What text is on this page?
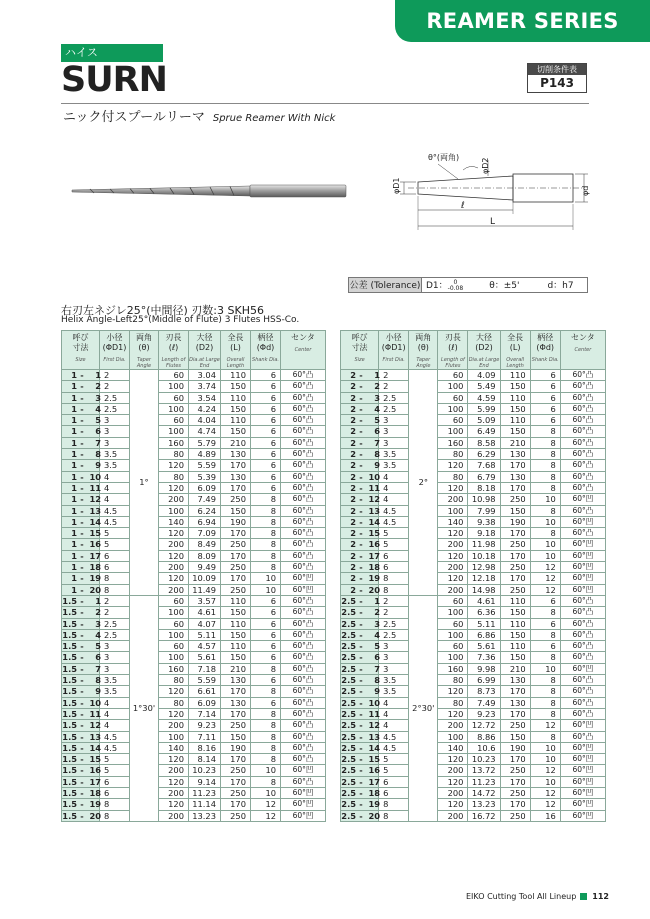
REAMER SERIES
ハイス
SURN	切削条件表
P143
ニック付スプールリーマ Sprue Reamer With Nick
θ°(両角)	φD2
φD1	φd
ℓ
L
公差 (Tolerance) D1： 0
-0.08	θ：±5'	d：h7
右刃左ネジレ25°(中間径) 刃数:3 SKH56
Helix Angle-Left25°(Middle of Flute) 3 Flutes HSS-Co.
呼び
寸法
Size	小径
(ΦD1)
First Dia.	両角
(θ)
Taper Angle	刃長
(ℓ)
Length of Flutes	大径
(D2)
Dia.at Large End	全長
(L)
Overall Length	柄径
(Φd)
Shank Dia.	センタ
Center

1 - 1	2	1°	60	3.04	110	6	60°凸
1 - 2	2		100	3.74	150	6	60°凸
1 - 3	2.5		60	3.54	110	6	60°凸
1 - 4	2.5		100	4.24	150	6	60°凸
1 - 5	3		60	4.04	110	6	60°凸
1 - 6	3		100	4.74	150	6	60°凸
1 - 7	3		160	5.79	210	6	60°凸
1 - 8	3.5		80	4.89	130	6	60°凸
1 - 9	3.5		120	5.59	170	6	60°凸
1 - 10	4		80	5.39	130	6	60°凸
1 - 11	4		120	6.09	170	6	60°凸
1 - 12	4		200	7.49	250	8	60°凸
1 - 13	4.5		100	6.24	150	8	60°凸
1 - 14	4.5		140	6.94	190	8	60°凸
1 - 15	5		120	7.09	170	8	60°凸
1 - 16	5		200	8.49	250	8	60°凸
1 - 17	6		120	8.09	170	8	60°凸
1 - 18	6		200	9.49	250	8	60°凸
1 - 19	8		120	10.09	170	10	60°凹
1 - 20	8		200	11.49	250	10	60°凹
1.5 - 1	2	1°30'	60	3.57	110	6	60°凸
1.5 - 2	2		100	4.61	150	6	60°凸
1.5 - 3	2.5		60	4.07	110	6	60°凸
1.5 - 4	2.5		100	5.11	150	6	60°凸
1.5 - 5	3		60	4.57	110	6	60°凸
1.5 - 6	3		100	5.61	150	6	60°凸
1.5 - 7	3		160	7.18	210	8	60°凸
1.5 - 8	3.5		80	5.59	130	6	60°凸
1.5 - 9	3.5		120	6.61	170	8	60°凸
1.5 - 10	4		80	6.09	130	6	60°凸
1.5 - 11	4		120	7.14	170	8	60°凸
1.5 - 12	4		200	9.23	250	8	60°凸
1.5 - 13	4.5		100	7.11	150	8	60°凸
1.5 - 14	4.5		140	8.16	190	8	60°凸
1.5 - 15	5		120	8.14	170	8	60°凸
1.5 - 16	5		200	10.23	250	10	60°凹
1.5 - 17	6		120	9.14	170	8	60°凸
1.5 - 18	6		200	11.23	250	10	60°凹
1.5 - 19	8		120	11.14	170	12	60°凹
1.5 - 20	8		200	13.23	250	12	60°凹
呼び
寸法
Size	小径
(ΦD1)
First Dia.	両角
(θ)
Taper Angle	刃長
(ℓ)
Length of Flutes	大径
(D2)
Dia.at Large End	全長
(L)
Overall Length	柄径
(Φd)
Shank Dia.	センタ
Center

2 - 1	2	2°	60	4.09	110	6	60°凸
2 - 2	2		100	5.49	150	6	60°凸
2 - 3	2.5		60	4.59	110	6	60°凸
2 - 4	2.5		100	5.99	150	6	60°凸
2 - 5	3		60	5.09	110	6	60°凸
2 - 6	3		100	6.49	150	8	60°凸
2 - 7	3		160	8.58	210	8	60°凸
2 - 8	3.5		80	6.29	130	8	60°凸
2 - 9	3.5		120	7.68	170	8	60°凸
2 - 10	4		80	6.79	130	8	60°凸
2 - 11	4		120	8.18	170	8	60°凸
2 - 12	4		200	10.98	250	10	60°凹
2 - 13	4.5		100	7.99	150	8	60°凸
2 - 14	4.5		140	9.38	190	10	60°凹
2 - 15	5		120	9.18	170	8	60°凸
2 - 16	5		200	11.98	250	10	60°凹
2 - 17	6		120	10.18	170	10	60°凹
2 - 18	6		200	12.98	250	12	60°凹
2 - 19	8		120	12.18	170	12	60°凹
2 - 20	8		200	14.98	250	12	60°凹
2.5 - 1	2	2°30'	60	4.61	110	6	60°凸
2.5 - 2	2		100	6.36	150	8	60°凸
2.5 - 3	2.5		60	5.11	110	6	60°凸
2.5 - 4	2.5		100	6.86	150	8	60°凸
2.5 - 5	3		60	5.61	110	6	60°凸
2.5 - 6	3		100	7.36	150	8	60°凸
2.5 - 7	3		160	9.98	210	10	60°凹
2.5 - 8	3.5		80	6.99	130	8	60°凸
2.5 - 9	3.5		120	8.73	170	8	60°凸
2.5 - 10	4		80	7.49	130	8	60°凸
2.5 - 11	4		120	9.23	170	8	60°凸
2.5 - 12	4		200	12.72	250	12	60°凹
2.5 - 13	4.5		100	8.86	150	8	60°凸
2.5 - 14	4.5		140	10.6	190	10	60°凹
2.5 - 15	5		120	10.23	170	10	60°凹
2.5 - 16	5		200	13.72	250	12	60°凹
2.5 - 17	6		120	11.23	170	10	60°凹
2.5 - 18	6		200	14.72	250	12	60°凹
2.5 - 19	8		120	13.23	170	12	60°凹
2.5 - 20	8		200	16.72	250	16	60°凹
EIKO Cutting Tool All Lineup 112
